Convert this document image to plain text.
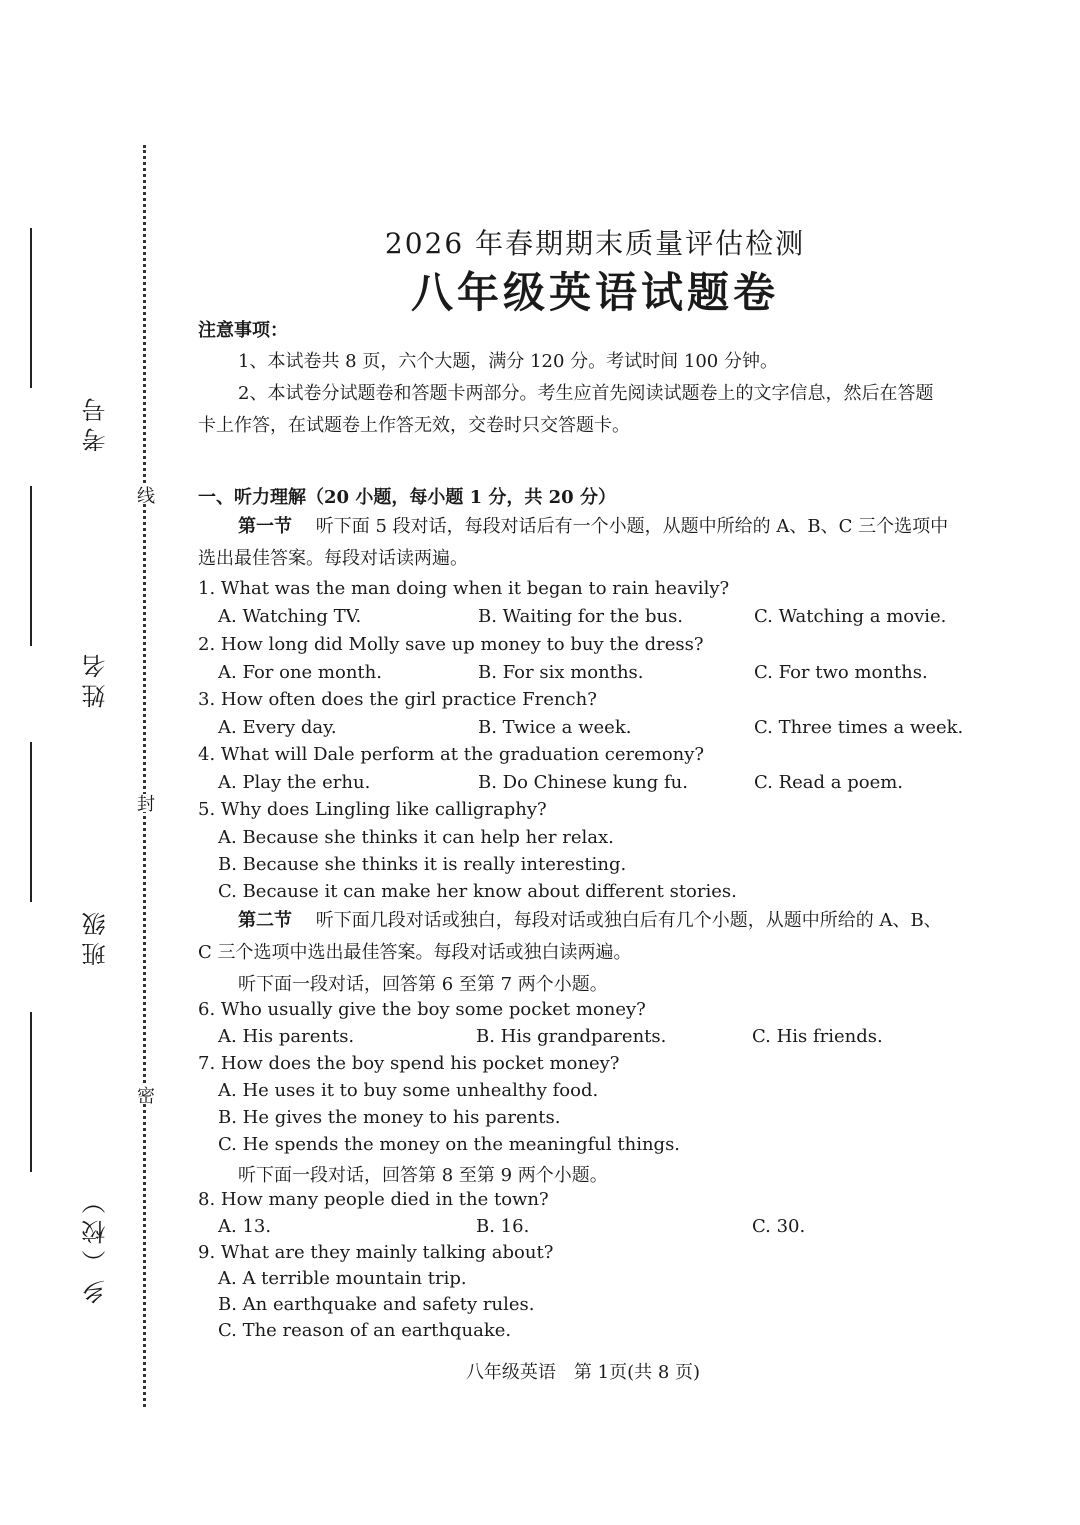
线
封
密
考号
姓名
班级
乡（校）
2026 年春期期末质量评估检测
八年级英语试题卷
注意事项：
1、本试卷共 8 页，六个大题，满分 120 分。考试时间 100 分钟。
2、本试卷分试题卷和答题卡两部分。考生应首先阅读试题卷上的文字信息，然后在答题
卡上作答，在试题卷上作答无效，交卷时只交答题卡。
一、听力理解（20 小题，每小题 1 分，共 20 分）
第一节 听下面 5 段对话，每段对话后有一个小题，从题中所给的 A、B、C 三个选项中
选出最佳答案。每段对话读两遍。
1. What was the man doing when it began to rain heavily?
A. Watching TV.	B. Waiting for the bus.	C. Watching a movie.
2. How long did Molly save up money to buy the dress?
A. For one month.	B. For six months.	C. For two months.
3. How often does the girl practice French?
A. Every day.	B. Twice a week.	C. Three times a week.
4. What will Dale perform at the graduation ceremony?
A. Play the erhu.	B. Do Chinese kung fu.	C. Read a poem.
5. Why does Lingling like calligraphy?
A. Because she thinks it can help her relax.
B. Because she thinks it is really interesting.
C. Because it can make her know about different stories.
第二节 听下面几段对话或独白，每段对话或独白后有几个小题，从题中所给的 A、B、
C 三个选项中选出最佳答案。每段对话或独白读两遍。
听下面一段对话，回答第 6 至第 7 两个小题。
6. Who usually give the boy some pocket money?
A. His parents.	B. His grandparents.	C. His friends.
7. How does the boy spend his pocket money?
A. He uses it to buy some unhealthy food.
B. He gives the money to his parents.
C. He spends the money on the meaningful things.
听下面一段对话，回答第 8 至第 9 两个小题。
8. How many people died in the town?
A. 13.	B. 16.	C. 30.
9. What are they mainly talking about?
A. A terrible mountain trip.
B. An earthquake and safety rules.
C. The reason of an earthquake.
八年级英语　第 1页(共 8 页)
